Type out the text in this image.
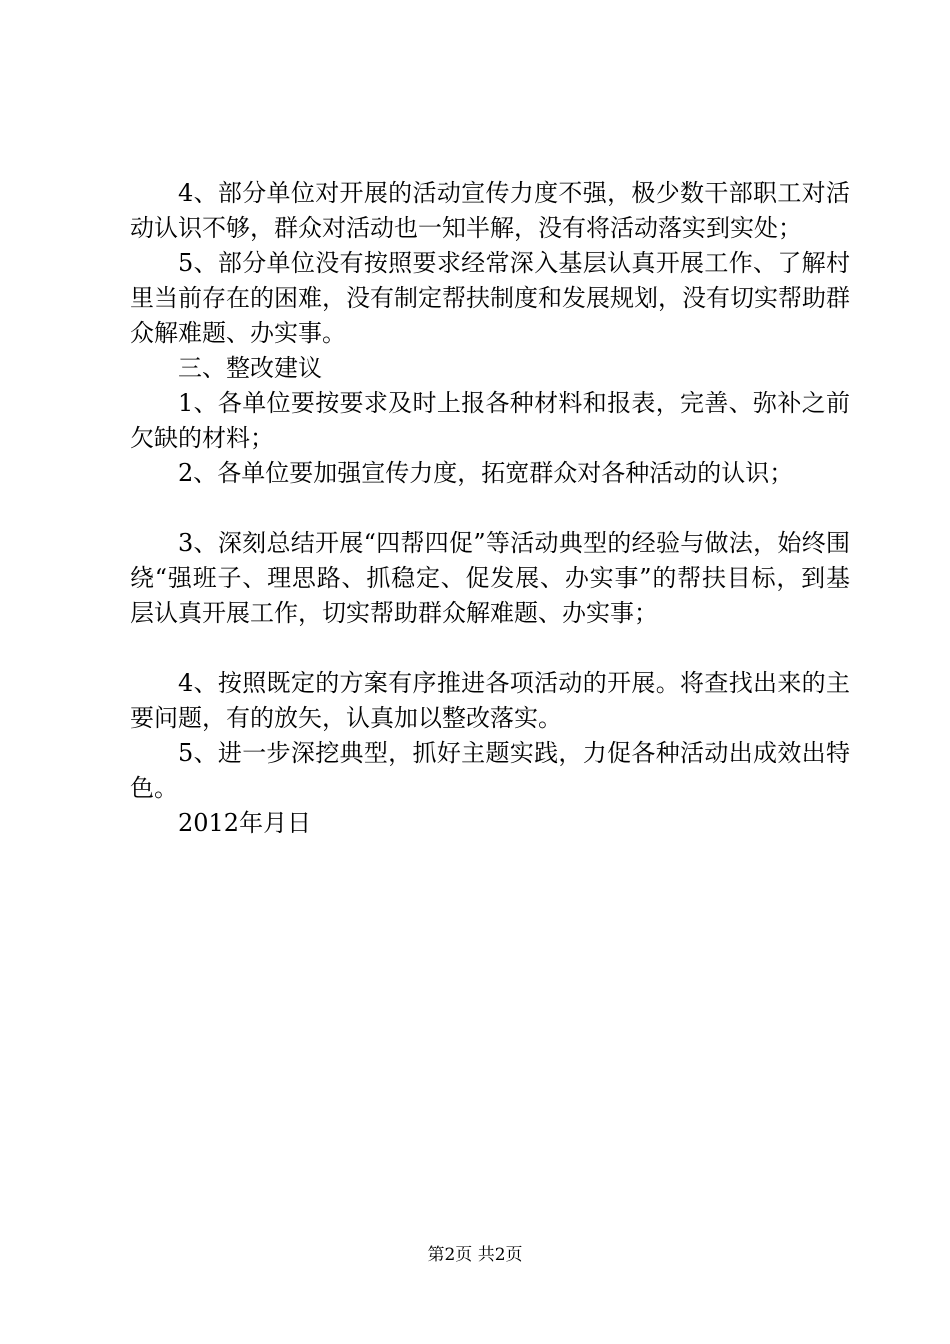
4、部分单位对开展的活动宣传力度不强，极少数干部职工对活动认识不够，群众对活动也一知半解，没有将活动落实到实处；

5、部分单位没有按照要求经常深入基层认真开展工作、了解村里当前存在的困难，没有制定帮扶制度和发展规划，没有切实帮助群众解难题、办实事。

三、整改建议

1、各单位要按要求及时上报各种材料和报表，完善、弥补之前欠缺的材料；

2、各单位要加强宣传力度，拓宽群众对各种活动的认识；

3、深刻总结开展“四帮四促”等活动典型的经验与做法，始终围绕“强班子、理思路、抓稳定、促发展、办实事”的帮扶目标，到基层认真开展工作，切实帮助群众解难题、办实事；

4、按照既定的方案有序推进各项活动的开展。将查找出来的主要问题，有的放矢，认真加以整改落实。

5、进一步深挖典型，抓好主题实践，力促各种活动出成效出特色。

2012年月日

第2页 共2页
